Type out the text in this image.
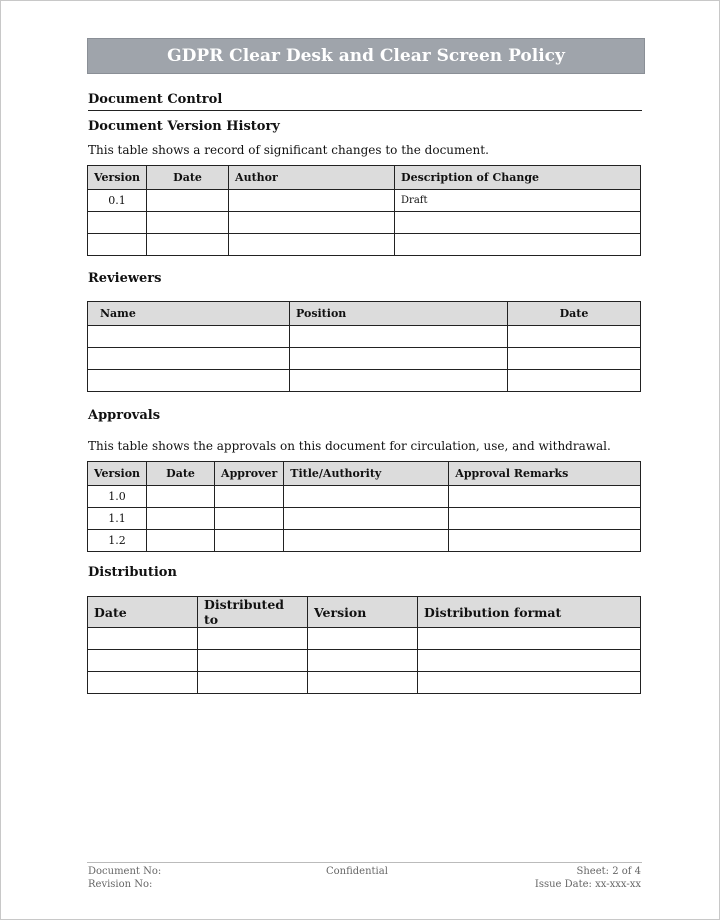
GDPR Clear Desk and Clear Screen Policy
Document Control
Document Version History
This table shows a record of significant changes to the document.
Version	Date	Author	Description of Change
0.1			Draft

Reviewers
Name	Position	Date

Approvals
This table shows the approvals on this document for circulation, use, and withdrawal.
Version	Date	Approver	Title/Authority	Approval Remarks
1.0				
1.1				
1.2				
Distribution
Date	Distributed to	Version	Distribution format

Document No:
Revision No:
Confidential	Sheet: 2 of 4
Issue Date: xx-xxx-xx
